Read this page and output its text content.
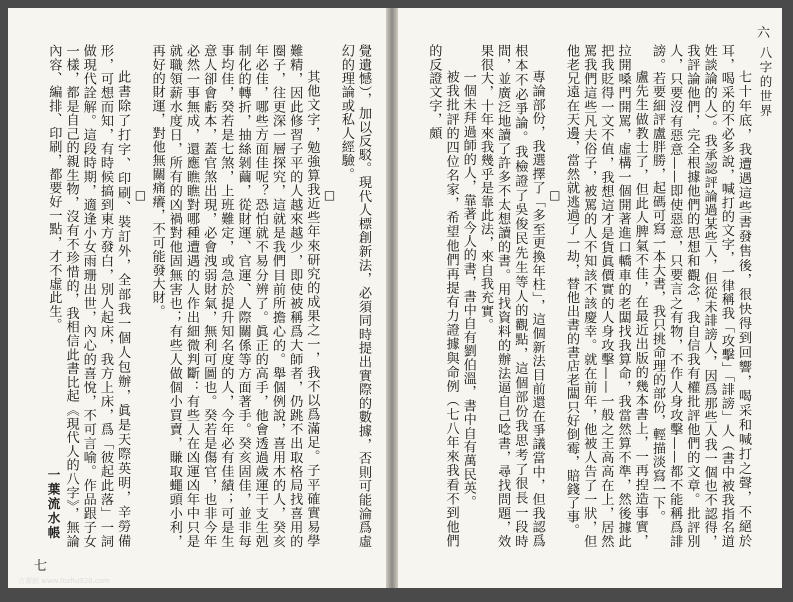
六
八字的世界

七十年底，我遭遇這些書發售後，很快得到回響，喝采和喊打之聲，不絕於耳，喝采的不必多說，喊打的文字，一律稱我「攻擊」「誹謗」人（書中被我指名道姓談論的人）。我承認評論過某些人，但從未誹謗人，因爲那些人我一個也不認得，我評論他們，完全根據他們的思想和觀念，我自信我有權批評他們的文章。批評別人，只要沒有惡意——即使惡意，只要言之有物，不作人身攻擊——都不能稱爲誹謗。若要細評盧胖勝，起碼可寫一本大書，我只挑命理的部份，輕描淡寫一下。

盧先生做教士了，但此人脾氣不佳，在最近出版的幾本書上，一再揑造事實，拉開嗓門開罵，虛構一個開著進口轎車的老闆找我算命，我當然算不準，然後據此把我貶得一文不值，我想這才是貨眞價實的人身攻擊——一般之王高高在上，居然罵我們這些凡夫俗子，被罵的人不知該不該慶幸。就在前年，他被人告了一狀，但他老兄遠在天邊，當然就逃過了一劫，替他出書的書店老闆只好倒霉，賠錢了事。

□

專論部份，我選擇了「多至更換年柱」，這個新法目前還在爭議當中，但我認爲根本不必爭論。我檢證了吳俊民先生等人的觀點，這個部份我思考了很長一段時間，並廣泛地讀了許多不太想讀的書。用找資料的辦法逼自己唸書，尋找問題，效果很大，十年來我幾乎是靠此法，來自我充實。

一個未拜過師的人，靠著今人的書，書中自有劉伯溫，書中自有萬民英。

被我批評的四位名家，希望他們再提有力證據與命例（七八年來我看不到他們的反證文字，頗

七
一葉流水帳	覺遺憾），加以反駁。現代人標創新法，必須同時提出實際的數據，否則可能淪爲虛幻的理論或私人經驗。

□

其他文字，勉強算我近些年來研究的成果之一，我不以爲滿足。子平確實易學難精，因此修習子平的人越來越少，即使被稱爲大師者，仍跳不出取格局找喜用的圈子，往更深一層探究，這就是我們目前所擔心的。舉個例說，喜用木的人，癸亥年必佳，哪些方面佳呢？恐怕就不易分辨了。眞正的高手，他會透過歲運干支生剋制化的轉折，抽絲剝繭，從財運、官運、人際關係等方面著手。癸亥固佳，並非每事均佳，癸若是七煞，上班難定，或急於提升知名度的人，今年必有佳績；可是生意人卻會虧本，蓋官煞出現，必會洩弱財氣，無利可圖也。癸若是傷官，也非今年必然一事無成，還應瞧瞧對哪種遭遇的人作出細微判斷：有些人在凶運凶年中只是就職領薪水度日，所有的凶禍對他固無害也；有些人做個小買賣，賺取蠅頭小利，再好的財運，對他無關痛癢，不可能發大財。

□

此書除了打字、印刷、裝訂外，全部我一個人包辦，眞是天際英明，辛勞備形，可想而知，有時候搞到東方發白，別人起床，我方上床，爲「彼起此落」一詞做現代詮解。這段時期，適逢小女雨珊出世，內心的喜悅，不可言喻。作品跟子女一樣，都是自己的親生物，沒有不珍惜的，我相信此書比起《現代人的八字》，無論內容、編排、印刷，都要好一點，才不虛此生。

古書網 www.fozhu920.com
